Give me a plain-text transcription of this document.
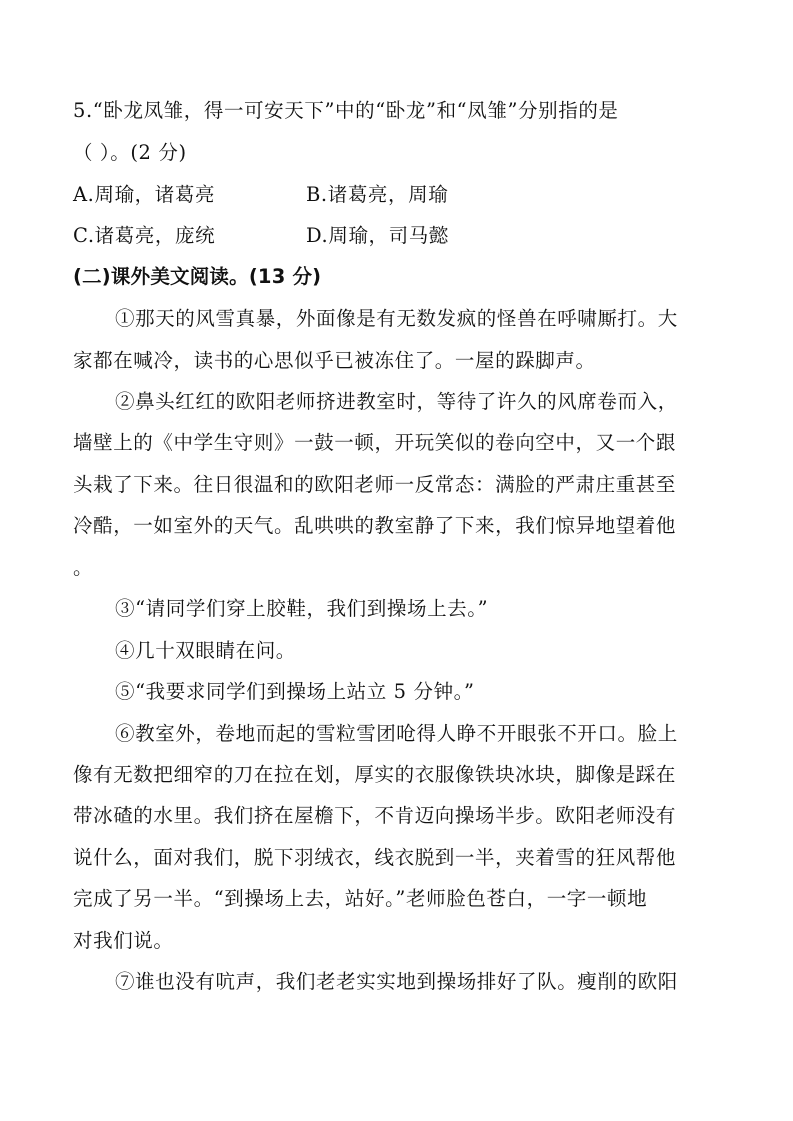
5.“卧龙凤雏，得一可安天下”中的“卧龙”和“凤雏”分别指的是
（ ）。(2 分)
A.周瑜，诸葛亮	B.诸葛亮，周瑜
C.诸葛亮，庞统	D.周瑜，司马懿
(二)课外美文阅读。(13 分)
①那天的风雪真暴，外面像是有无数发疯的怪兽在呼啸厮打。大
家都在喊冷，读书的心思似乎已被冻住了。一屋的跺脚声。
②鼻头红红的欧阳老师挤进教室时，等待了许久的风席卷而入，
墙壁上的《中学生守则》一鼓一顿，开玩笑似的卷向空中，又一个跟
头栽了下来。往日很温和的欧阳老师一反常态：满脸的严肃庄重甚至
冷酷，一如室外的天气。乱哄哄的教室静了下来，我们惊异地望着他
。
③“请同学们穿上胶鞋，我们到操场上去。”
④几十双眼睛在问。
⑤“我要求同学们到操场上站立 5 分钟。”
⑥教室外，卷地而起的雪粒雪团呛得人睁不开眼张不开口。脸上
像有无数把细窄的刀在拉在划，厚实的衣服像铁块冰块，脚像是踩在
带冰碴的水里。我们挤在屋檐下，不肯迈向操场半步。欧阳老师没有
说什么，面对我们，脱下羽绒衣，线衣脱到一半，夹着雪的狂风帮他
完成了另一半。“到操场上去，站好。”老师脸色苍白，一字一顿地
对我们说。
⑦谁也没有吭声，我们老老实实地到操场排好了队。瘦削的欧阳
